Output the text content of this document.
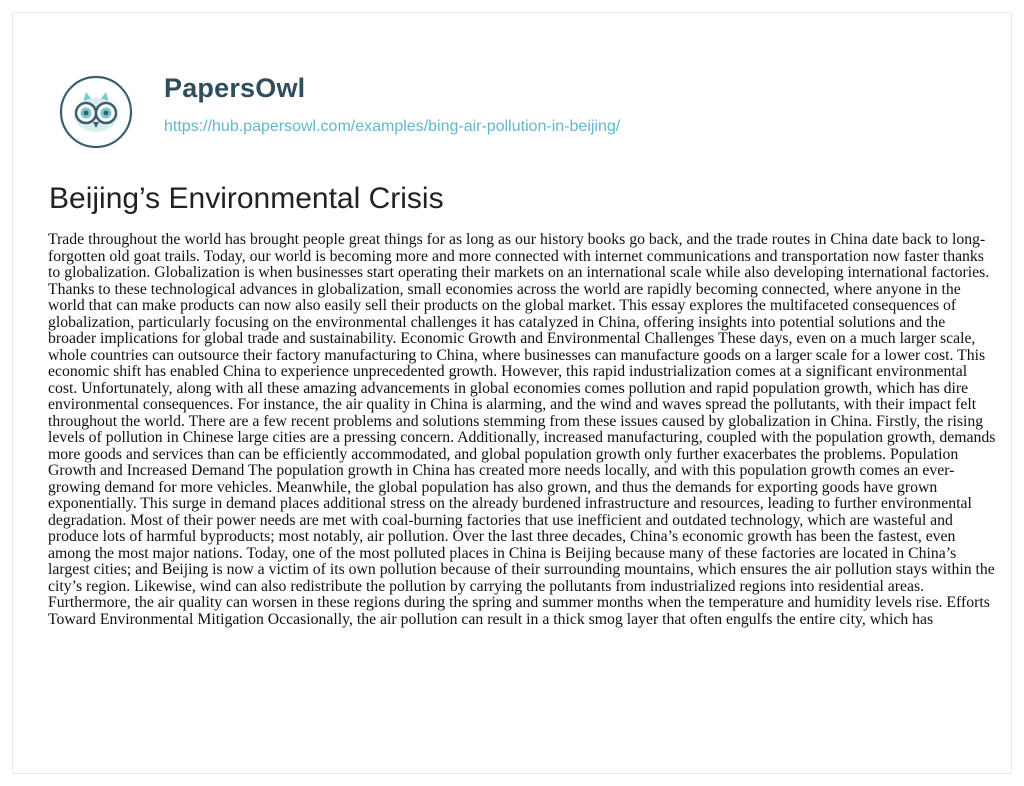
PapersOwl
https://hub.papersowl.com/examples/bing-air-pollution-in-beijing/
Beijing’s Environmental Crisis

Trade throughout the world has brought people great things for as long as our history books go back, and the trade routes in China date back to long-forgotten old goat trails. Today, our world is becoming more and more connected with internet communications and transportation now faster thanks to globalization. Globalization is when businesses start operating their markets on an international scale while also developing international factories. Thanks to these technological advances in globalization, small economies across the world are rapidly becoming connected, where anyone in the world that can make products can now also easily sell their products on the global market. This essay explores the multifaceted consequences of globalization, particularly focusing on the environmental challenges it has catalyzed in China, offering insights into potential solutions and the broader implications for global trade and sustainability. Economic Growth and Environmental Challenges These days, even on a much larger scale, whole countries can outsource their factory manufacturing to China, where businesses can manufacture goods on a larger scale for a lower cost. This economic shift has enabled China to experience unprecedented growth. However, this rapid industrialization comes at a significant environmental cost. Unfortunately, along with all these amazing advancements in global economies comes pollution and rapid population growth, which has dire environmental consequences. For instance, the air quality in China is alarming, and the wind and waves spread the pollutants, with their impact felt throughout the world. There are a few recent problems and solutions stemming from these issues caused by globalization in China. Firstly, the rising levels of pollution in Chinese large cities are a pressing concern. Additionally, increased manufacturing, coupled with the population growth, demands more goods and services than can be efficiently accommodated, and global population growth only further exacerbates the problems. Population Growth and Increased Demand The population growth in China has created more needs locally, and with this population growth comes an ever-growing demand for more vehicles. Meanwhile, the global population has also grown, and thus the demands for exporting goods have grown exponentially. This surge in demand places additional stress on the already burdened infrastructure and resources, leading to further environmental degradation. Most of their power needs are met with coal-burning factories that use inefficient and outdated technology, which are wasteful and produce lots of harmful byproducts; most notably, air pollution. Over the last three decades, China’s economic growth has been the fastest, even among the most major nations. Today, one of the most polluted places in China is Beijing because many of these factories are located in China’s largest cities; and Beijing is now a victim of its own pollution because of their surrounding mountains, which ensures the air pollution stays within the city’s region. Likewise, wind can also redistribute the pollution by carrying the pollutants from industrialized regions into residential areas. Furthermore, the air quality can worsen in these regions during the spring and summer months when the temperature and humidity levels rise. Efforts Toward Environmental Mitigation Occasionally, the air pollution can result in a thick smog layer that often engulfs the entire city, which has
